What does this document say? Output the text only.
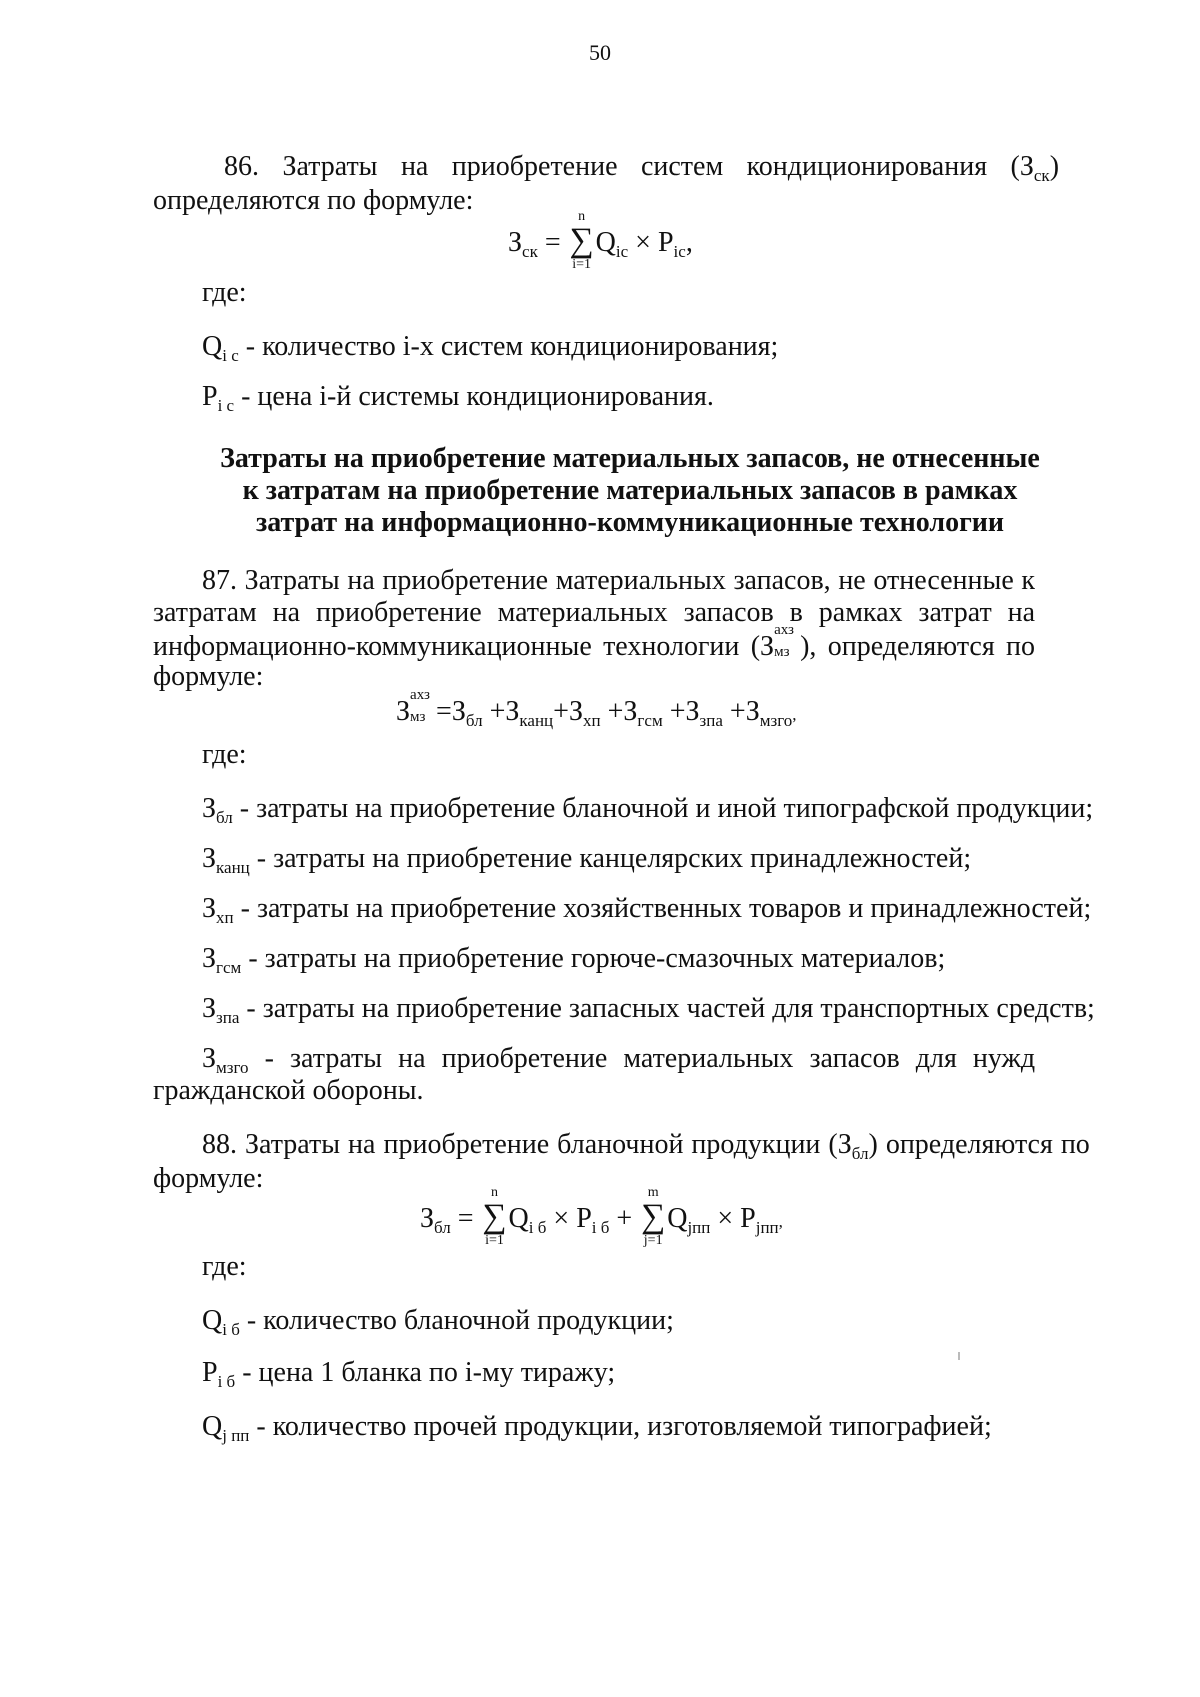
50
86. Затраты на приобретение систем кондиционирования $(З_{ск})$
определяются по формуле:
$З_{ск}$ =
n
∑
i=1
$Q_{ic} \times P_{ic}$,
где:
$Q_{i c}$ - количество i-х систем кондиционирования;
$P_{i c}$ - цена i-й системы кондиционирования.
Затраты на приобретение материальных запасов, не отнесенные
к затратам на приобретение материальных запасов в рамках
затрат на информационно-коммуникационные технологии
87. Затраты на приобретение материальных запасов, не отнесенные к
затратам на приобретение материальных запасов в рамках затрат на
информационно-коммуникационные технологии (З
ахз
мз ), определяются по
формуле:
З
ахз
мз $=З_{бл} +З_{канц}+З_{хп} +З_{гсм} +З_{зпа} +З_{мзго}$,
где:
$З_{бл}$ - затраты на приобретение бланочной и иной типографской продукции;
$З_{канц}$ - затраты на приобретение канцелярских принадлежностей;
$З_{хп}$ - затраты на приобретение хозяйственных товаров и принадлежностей;
$З_{гсм}$ - затраты на приобретение горюче-смазочных материалов;
$З_{зпа}$ - затраты на приобретение запасных частей для транспортных средств;
$З_{мзго}$ - затраты на приобретение материальных запасов для нужд
гражданской обороны.
88. Затраты на приобретение бланочной продукции $(З_{бл})$ определяются по
формуле:
$З_{бл}$ =
n
∑
i=1
$Q_{i б} \times P_{i б}$ +
m
∑
j=1
$Q_{jпп} \times P_{jпп}$,
где:
$Q_{i б}$ - количество бланочной продукции;
$P_{i б}$ - цена 1 бланка по i-му тиражу;
$Q_{j пп}$ - количество прочей продукции, изготовляемой типографией;
